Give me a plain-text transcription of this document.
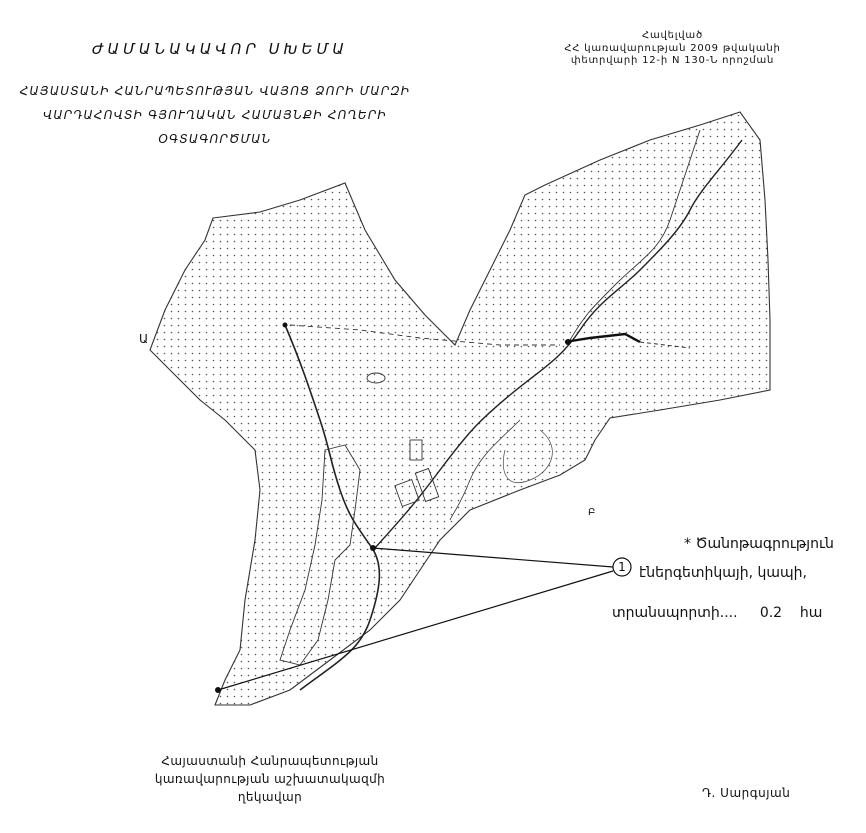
ԺԱՄԱՆԱԿԱՎՈՐ ՍԽԵՄԱ
ՀԱՅԱՍՏԱՆԻ ՀԱՆՐԱՊԵՏՈՒԹՅԱՆ ՎԱՅՈՑ ՁՈՐԻ ՄԱՐԶԻ
ՎԱՐԴԱՀՈՎՏԻ ԳՅՈՒՂԱԿԱՆ ՀԱՄԱՅՆՔԻ ՀՈՂԵՐԻ
ՕԳՏԱԳՈՐԾՄԱՆ
Հավելված
ՀՀ կառավարության 2009 թվականի
փետրվարի 12-ի N 130-Ն որոշման
Ա
Բ
* Ծանոթագրություն
1 էներգետիկայի, կապի,
տրանսպորտի....     0.2    հա
Հայաստանի Հանրապետության
կառավարության աշխատակազմի
ղեկավար	Դ. Սարգսյան
